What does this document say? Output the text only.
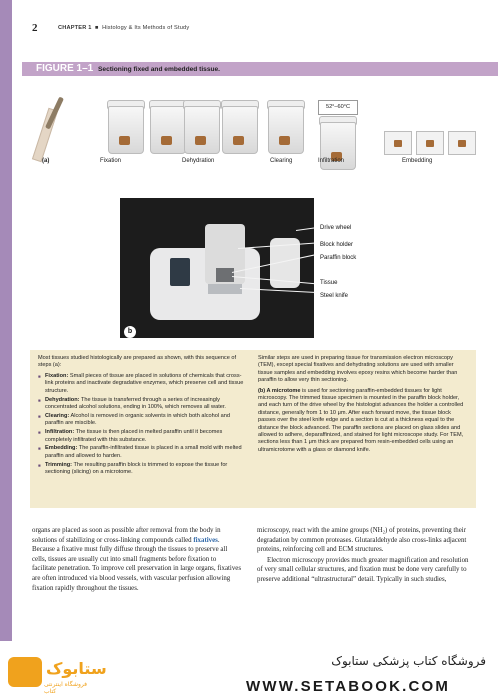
2	CHAPTER 1  ■  Histology & Its Methods of Study
FIGURE 1–1 Sectioning fixed and embedded tissue.
(a)
52°–60°C
Fixation	Dehydration	Clearing	Infiltration	Embedding
b
Drive wheel
Block holder
Paraffin block
Tissue
Steel knife

Most tissues studied histologically are prepared as shown, with this sequence of steps (a):

■ Fixation: Small pieces of tissue are placed in solutions of chemicals that cross-link proteins and inactivate degradative enzymes, which preserve cell and tissue structure.
■ Dehydration: The tissue is transferred through a series of increasingly concentrated alcohol solutions, ending in 100%, which removes all water.
■ Clearing: Alcohol is removed in organic solvents in which both alcohol and paraffin are miscible.
■ Infiltration: The tissue is then placed in melted paraffin until it becomes completely infiltrated with this substance.
■ Embedding: The paraffin-infiltrated tissue is placed in a small mold with melted paraffin and allowed to harden.
■ Trimming: The resulting paraffin block is trimmed to expose the tissue for sectioning (slicing) on a microtome.

Similar steps are used in preparing tissue for transmission electron microscopy (TEM), except special fixatives and dehydrating solutions are used with smaller tissue samples and embedding involves epoxy resins which become harder than paraffin to allow very thin sectioning.

(b) A microtome is used for sectioning paraffin-embedded tissues for light microscopy. The trimmed tissue specimen is mounted in the paraffin block holder, and each turn of the drive wheel by the histologist advances the holder a controlled distance, generally from 1 to 10 μm. After each forward move, the tissue block passes over the steel knife edge and a section is cut at a thickness equal to the distance the block advanced. The paraffin sections are placed on glass slides and allowed to adhere, deparaffinized, and stained for light microscope study. For TEM, sections less than 1 μm thick are prepared from resin-embedded cells using an ultramicrotome with a glass or diamond knife.

organs are placed as soon as possible after removal from the body in solutions of stabilizing or cross-linking compounds called fixatives. Because a fixative must fully diffuse through the tissues to preserve all cells, tissues are usually cut into small fragments before fixation to facilitate penetration. To improve cell preservation in large organs, fixatives are often introduced via blood vessels, with vascular perfusion allowing fixation rapidly throughout the tissues.

microscopy, react with the amine groups (NH₂) of proteins, preventing their degradation by common proteases. Glutaraldehyde also cross-links adjacent proteins, reinforcing cell and ECM structures.

Electron microscopy provides much greater magnification and resolution of very small cellular structures, and fixation must be done very carefully to preserve additional “ultrastructural” detail. Typically in such studies,

ستابوک
فروشگاه اینترنتی کتاب
فروشگاه کتاب پزشکی ستابوک
WWW.SETABOOK.COM
